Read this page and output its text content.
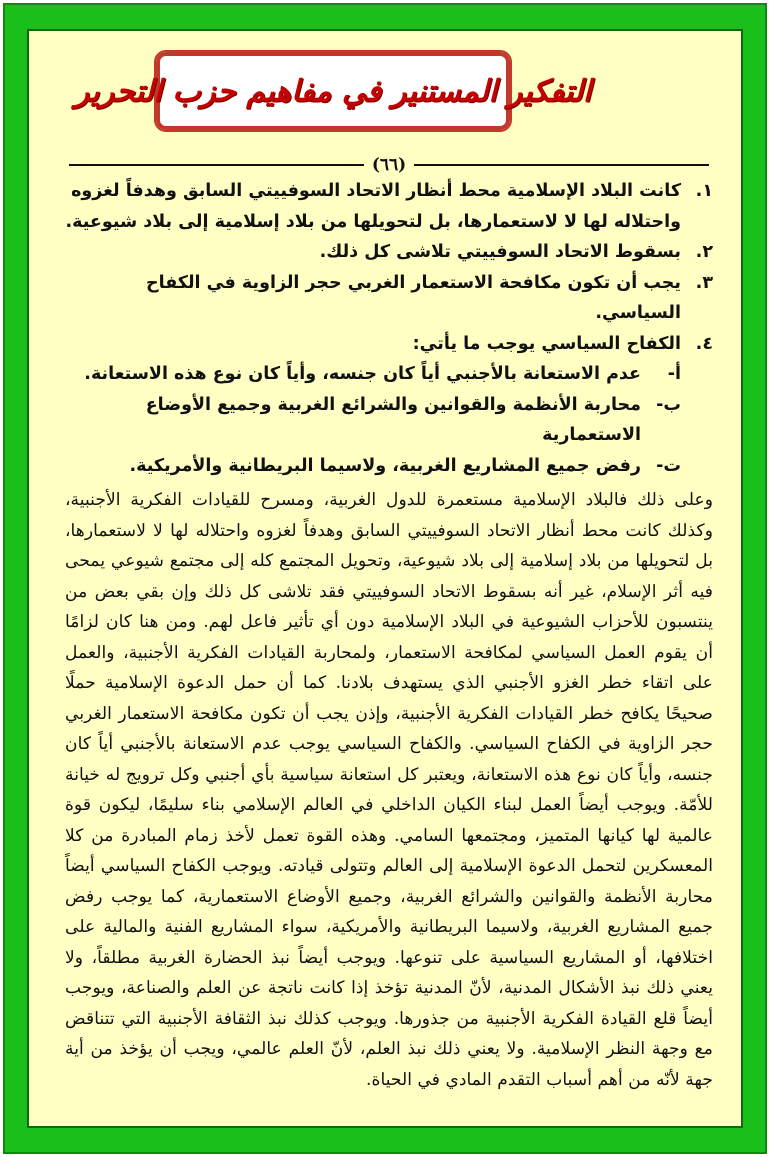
التفكير المستنير في مفاهيم حزب التحرير
(٦٦)
١.
كانت البلاد الإسلامية محط أنظار الاتحاد السوفييتي السابق وهدفاً لغزوه واحتلاله لها لا لاستعمارها، بل لتحويلها من بلاد إسلامية إلى بلاد شيوعية.
٢.
بسقوط الاتحاد السوفييتي تلاشى كل ذلك.
٣.
يجب أن تكون مكافحة الاستعمار الغربي حجر الزاوية في الكفاح السياسي.
٤.
الكفاح السياسي يوجب ما يأتي:
أ-
عدم الاستعانة بالأجنبي أياً كان جنسه، وأياً كان نوع هذه الاستعانة.
ب-
محاربة الأنظمة والقوانين والشرائع الغربية وجميع الأوضاع الاستعمارية
ت-
رفض جميع المشاريع الغربية، ولاسيما البريطانية والأمريكية.

وعلى ذلك فالبلاد الإسلامية مستعمرة للدول الغربية، ومسرح للقيادات الفكرية الأجنبية، وكذلك كانت محط أنظار الاتحاد السوفييتي السابق وهدفاً لغزوه واحتلاله لها لا لاستعمارها، بل لتحويلها من بلاد إسلامية إلى بلاد شيوعية، وتحويل المجتمع كله إلى مجتمع شيوعي يمحى فيه أثر الإسلام، غير أنه بسقوط الاتحاد السوفييتي فقد تلاشى كل ذلك وإن بقي بعض من ينتسبون للأحزاب الشيوعية في البلاد الإسلامية دون أي تأثير فاعل لهم. ومن هنا كان لزامًا أن يقوم العمل السياسي لمكافحة الاستعمار، ولمحاربة القيادات الفكرية الأجنبية، والعمل على اتقاء خطر الغزو الأجنبي الذي يستهدف بلادنا. كما أن حمل الدعوة الإسلامية حملًا صحيحًا يكافح خطر القيادات الفكرية الأجنبية، وإذن يجب أن تكون مكافحة الاستعمار الغربي حجر الزاوية في الكفاح السياسي. والكفاح السياسي يوجب عدم الاستعانة بالأجنبي أياً كان جنسه، وأياً كان نوع هذه الاستعانة، ويعتبر كل استعانة سياسية بأي أجنبي وكل ترويج له خيانة للأمّة. ويوجب أيضاً العمل لبناء الكيان الداخلي في العالم الإسلامي بناء سليمًا، ليكون قوة عالمية لها كيانها المتميز، ومجتمعها السامي. وهذه القوة تعمل لأخذ زمام المبادرة من كلا المعسكرين لتحمل الدعوة الإسلامية إلى العالم وتتولى قيادته. ويوجب الكفاح السياسي أيضاً محاربة الأنظمة والقوانين والشرائع الغربية، وجميع الأوضاع الاستعمارية، كما يوجب رفض جميع المشاريع الغربية، ولاسيما البريطانية والأمريكية، سواء المشاريع الفنية والمالية على اختلافها، أو المشاريع السياسية على تنوعها. ويوجب أيضاً نبذ الحضارة الغربية مطلقاً، ولا يعني ذلك نبذ الأشكال المدنية، لأنّ المدنية تؤخذ إذا كانت ناتجة عن العلم والصناعة، ويوجب أيضاً قلع القيادة الفكرية الأجنبية من جذورها. ويوجب كذلك نبذ الثقافة الأجنبية التي تتناقض مع وجهة النظر الإسلامية. ولا يعني ذلك نبذ العلم، لأنّ العلم عالمي، ويجب أن يؤخذ من أية جهة لأنّه من أهم أسباب التقدم المادي في الحياة.
